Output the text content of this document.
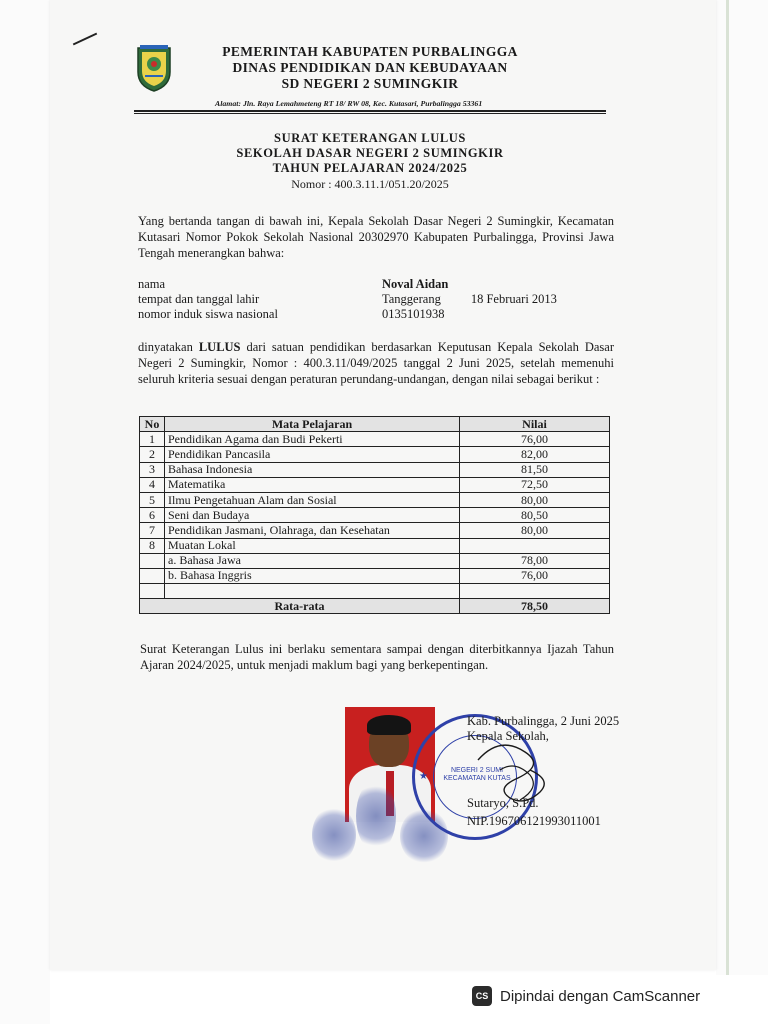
PEMERINTAH KABUPATEN PURBALINGGA
DINAS PENDIDIKAN DAN KEBUDAYAAN
SD NEGERI 2 SUMINGKIR
Alamat: Jln. Raya Lemahmeteng RT 18/ RW 08, Kec. Kutasari, Purbalingga 53361
SURAT KETERANGAN LULUS
SEKOLAH DASAR NEGERI 2 SUMINGKIR
TAHUN PELAJARAN 2024/2025
Nomor : 400.3.11.1/051.20/2025
Yang bertanda tangan di bawah ini, Kepala Sekolah Dasar Negeri 2 Sumingkir, Kecamatan Kutasari Nomor Pokok Sekolah Nasional 20302970 Kabupaten Purbalingga, Provinsi Jawa Tengah menerangkan bahwa:
nama	Noval Aidan
tempat dan tanggal lahir	Tanggerang 18 Februari 2013
nomor induk siswa nasional	0135101938
dinyatakan LULUS dari satuan pendidikan berdasarkan Keputusan Kepala Sekolah Dasar Negeri 2 Sumingkir, Nomor : 400.3.11/049/2025 tanggal 2 Juni 2025, setelah memenuhi seluruh kriteria sesuai dengan peraturan perundang-undangan, dengan nilai sebagai berikut :
No	Mata Pelajaran	Nilai
1	Pendidikan Agama dan Budi Pekerti	76,00
2	Pendidikan Pancasila	82,00
3	Bahasa Indonesia	81,50
4	Matematika	72,50
5	Ilmu Pengetahuan Alam dan Sosial	80,00
6	Seni dan Budaya	80,50
7	Pendidikan Jasmani, Olahraga, dan Kesehatan	80,00
8	Muatan Lokal	
	a. Bahasa Jawa	78,00
	b. Bahasa Inggris	76,00

Rata-rata		78,50
Surat Keterangan Lulus ini berlaku sementara sampai dengan diterbitkannya Ijazah Tahun Ajaran 2024/2025, untuk menjadi maklum bagi yang berkepentingan.
★
NEGERI 2 SUMI
KECAMATAN KUTAS
Kab. Purbalingga, 2 Juni 2025
Kepala Sekolah,
Sutaryo, S.Pd.
NIP.196706121993011001
CS Dipindai dengan CamScanner
